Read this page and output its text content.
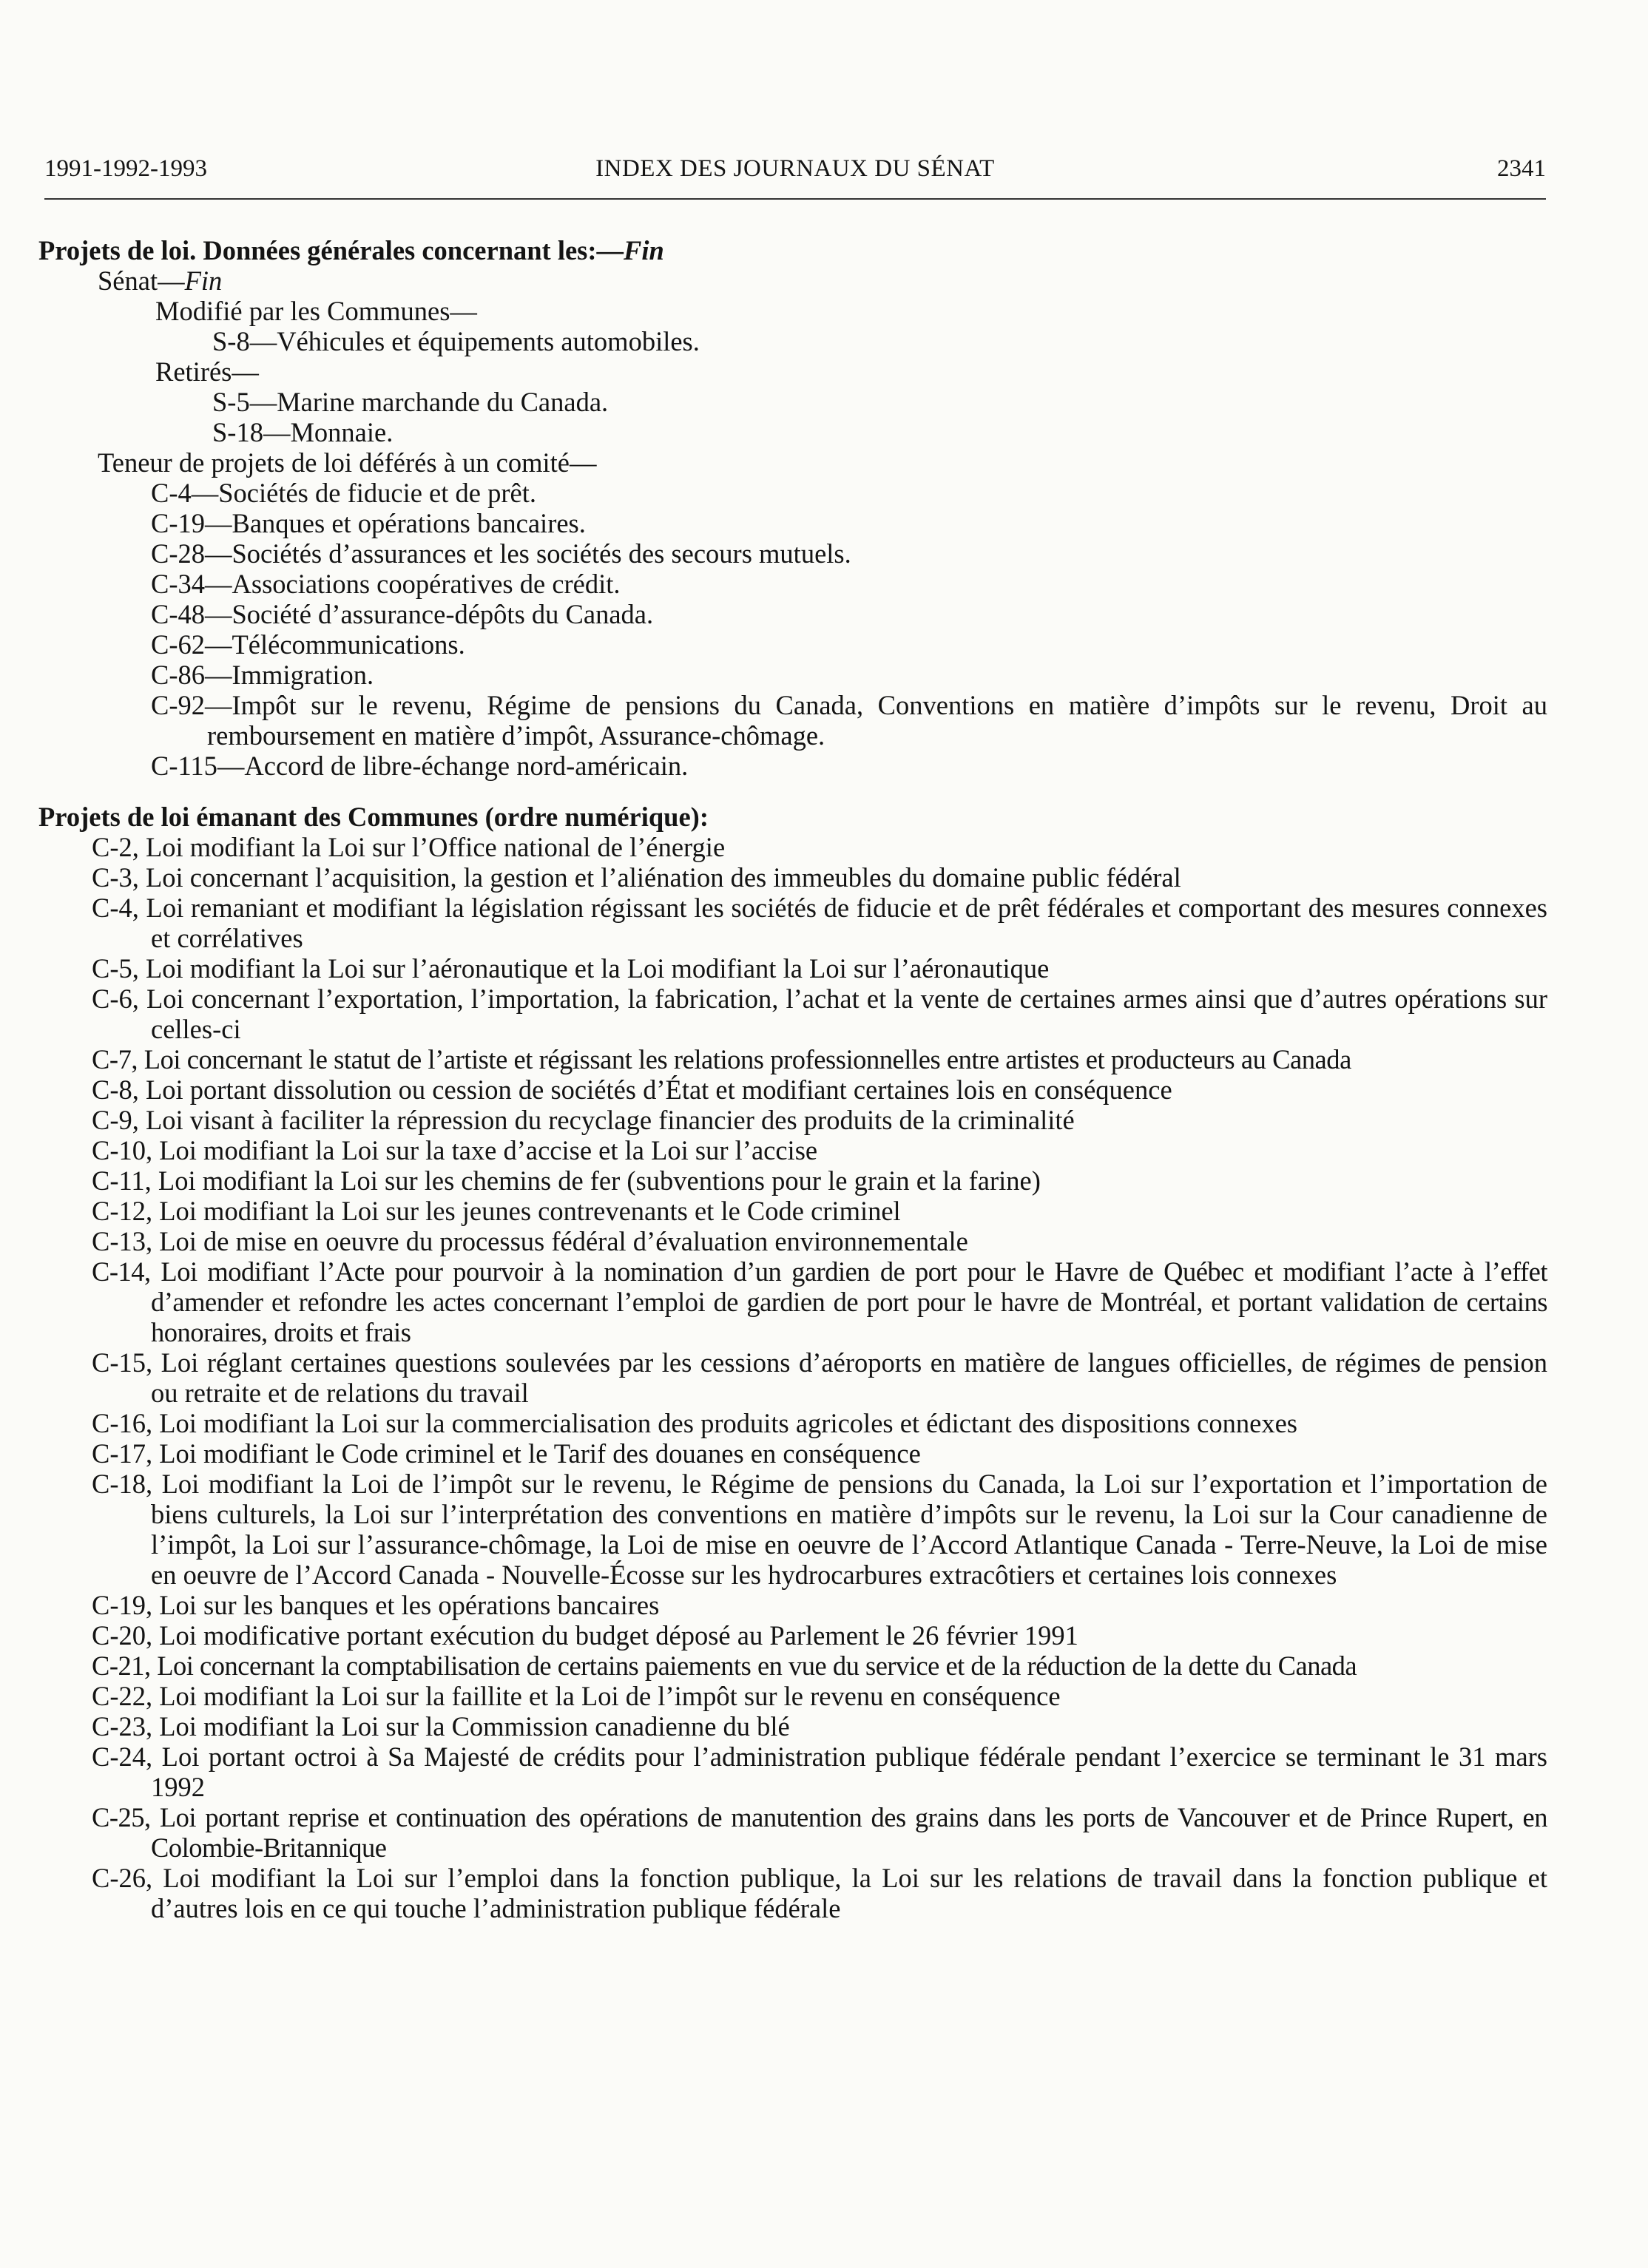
1991-1992-1993	INDEX DES JOURNAUX DU SÉNAT	2341
Projets de loi. Données générales concernant les:—Fin
Sénat—Fin
Modifié par les Communes—
S-8—Véhicules et équipements automobiles.
Retirés—
S-5—Marine marchande du Canada.
S-18—Monnaie.
Teneur de projets de loi déférés à un comité—
C-4—Sociétés de fiducie et de prêt.
C-19—Banques et opérations bancaires.
C-28—Sociétés d’assurances et les sociétés des secours mutuels.
C-34—Associations coopératives de crédit.
C-48—Société d’assurance-dépôts du Canada.
C-62—Télécommunications.
C-86—Immigration.
C-92—Impôt sur le revenu, Régime de pensions du Canada, Conventions en matière d’impôts sur le revenu, Droit au remboursement en matière d’impôt, Assurance-chômage.
C-115—Accord de libre-échange nord-américain.
Projets de loi émanant des Communes (ordre numérique):
C-2, Loi modifiant la Loi sur l’Office national de l’énergie
C-3, Loi concernant l’acquisition, la gestion et l’aliénation des immeubles du domaine public fédéral
C-4, Loi remaniant et modifiant la législation régissant les sociétés de fiducie et de prêt fédérales et comportant des mesures connexes et corrélatives
C-5, Loi modifiant la Loi sur l’aéronautique et la Loi modifiant la Loi sur l’aéronautique
C-6, Loi concernant l’exportation, l’importation, la fabrication, l’achat et la vente de certaines armes ainsi que d’autres opérations sur celles-ci
C-7, Loi concernant le statut de l’artiste et régissant les relations professionnelles entre artistes et producteurs au Canada
C-8, Loi portant dissolution ou cession de sociétés d’État et modifiant certaines lois en conséquence
C-9, Loi visant à faciliter la répression du recyclage financier des produits de la criminalité
C-10, Loi modifiant la Loi sur la taxe d’accise et la Loi sur l’accise
C-11, Loi modifiant la Loi sur les chemins de fer (subventions pour le grain et la farine)
C-12, Loi modifiant la Loi sur les jeunes contrevenants et le Code criminel
C-13, Loi de mise en oeuvre du processus fédéral d’évaluation environnementale
C-14, Loi modifiant l’Acte pour pourvoir à la nomination d’un gardien de port pour le Havre de Québec et modifiant l’acte à l’effet d’amender et refondre les actes concernant l’emploi de gardien de port pour le havre de Montréal, et portant validation de certains honoraires, droits et frais
C-15, Loi réglant certaines questions soulevées par les cessions d’aéroports en matière de langues officielles, de régimes de pension ou retraite et de relations du travail
C-16, Loi modifiant la Loi sur la commercialisation des produits agricoles et édictant des dispositions connexes
C-17, Loi modifiant le Code criminel et le Tarif des douanes en conséquence
C-18, Loi modifiant la Loi de l’impôt sur le revenu, le Régime de pensions du Canada, la Loi sur l’exportation et l’importation de biens culturels, la Loi sur l’interprétation des conventions en matière d’impôts sur le revenu, la Loi sur la Cour canadienne de l’impôt, la Loi sur l’assurance-chômage, la Loi de mise en oeuvre de l’Accord Atlantique Canada - Terre-Neuve, la Loi de mise en oeuvre de l’Accord Canada - Nouvelle-Écosse sur les hydrocarbures extracôtiers et certaines lois connexes
C-19, Loi sur les banques et les opérations bancaires
C-20, Loi modificative portant exécution du budget déposé au Parlement le 26 février 1991
C-21, Loi concernant la comptabilisation de certains paiements en vue du service et de la réduction de la dette du Canada
C-22, Loi modifiant la Loi sur la faillite et la Loi de l’impôt sur le revenu en conséquence
C-23, Loi modifiant la Loi sur la Commission canadienne du blé
C-24, Loi portant octroi à Sa Majesté de crédits pour l’administration publique fédérale pendant l’exercice se terminant le 31 mars 1992
C-25, Loi portant reprise et continuation des opérations de manutention des grains dans les ports de Vancouver et de Prince Rupert, en Colombie-Britannique
C-26, Loi modifiant la Loi sur l’emploi dans la fonction publique, la Loi sur les relations de travail dans la fonction publique et d’autres lois en ce qui touche l’administration publique fédérale
